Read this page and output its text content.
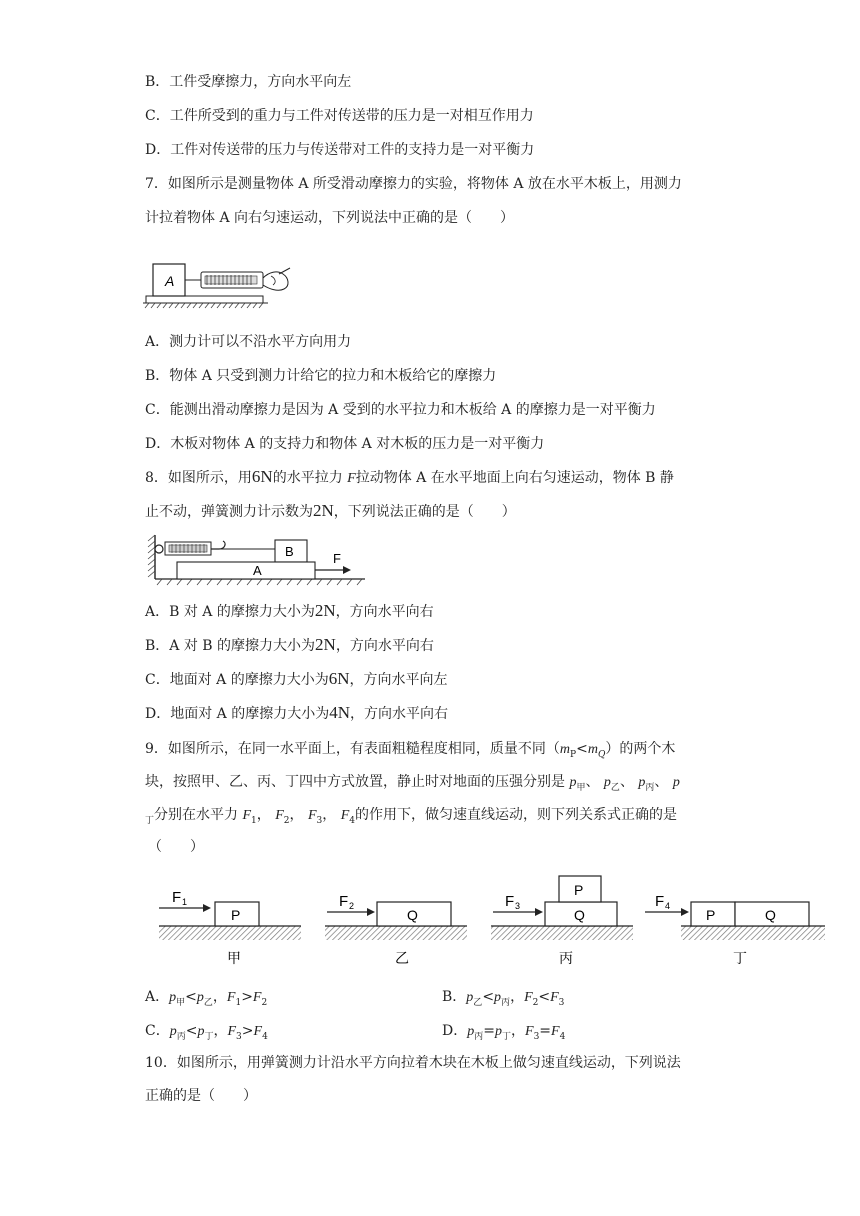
B．工件受摩擦力，方向水平向左
C．工件所受到的重力与工件对传送带的压力是一对相互作用力
D．工件对传送带的压力与传送带对工件的支持力是一对平衡力
7．如图所示是测量物体 A 所受滑动摩擦力的实验，将物体 A 放在水平木板上，用测力
计拉着物体 A 向右匀速运动，下列说法中正确的是（　　）
A
A．测力计可以不沿水平方向用力
B．物体 A 只受到测力计给它的拉力和木板给它的摩擦力
C．能测出滑动摩擦力是因为 A 受到的水平拉力和木板给 A 的摩擦力是一对平衡力
D．木板对物体 A 的支持力和物体 A 对木板的压力是一对平衡力
8．如图所示，用6N的水平拉力 F拉动物体 A 在水平地面上向右匀速运动，物体 B 静
止不动，弹簧测力计示数为2N，下列说法正确的是（　　）
B
A
F
A．B 对 A 的摩擦力大小为2N，方向水平向右
B．A 对 B 的摩擦力大小为2N，方向水平向右
C．地面对 A 的摩擦力大小为6N，方向水平向左
D．地面对 A 的摩擦力大小为4N，方向水平向右
9．如图所示，在同一水平面上，有表面粗糙程度相同，质量不同$(m_P<m_Q)$的两个木
块，按照甲、乙、丙、丁四中方式放置，静止时对地面的压强分别是 $p_甲$、 $p_乙$、 $p_丙$、 p
$_丁$分别在水平力 $F_1$， $F_2$， $F_3$， $F_4$的作用下，做匀速直线运动，则下列关系式正确的是
（　　）
P
F 1
甲
Q
F 2
乙
Q
P
F 3
丙
P	Q
F 4
丁
A．$p_甲<p_乙$，$F_1>F_2$	B．$p_乙<p_丙$，$F_2<F_3$
C．$p_丙<p_丁$，$F_3>F_4$	D．$p_丙=p_丁$，$F_3=F_4$
10．如图所示，用弹簧测力计沿水平方向拉着木块在木板上做匀速直线运动，下列说法
正确的是（　　）
